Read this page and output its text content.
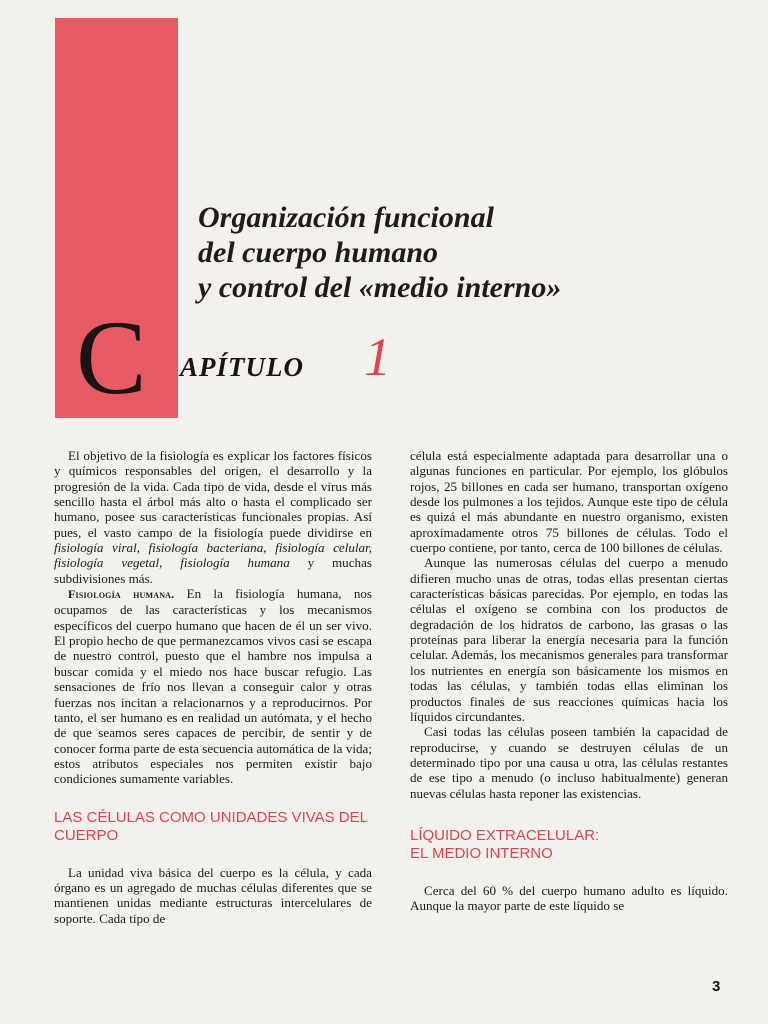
Organización funcional
del cuerpo humano
y control del «medio interno»
C APÍTULO 1

El objetivo de la fisiología es explicar los factores físicos y químicos responsables del origen, el desarrollo y la progresión de la vida. Cada tipo de vida, desde el virus más sencillo hasta el árbol más alto o hasta el complicado ser humano, posee sus características funcionales propias. Así pues, el vasto campo de la fisiología puede dividirse en fisiología viral, fisiología bacteriana, fisiología celular, fisiología vegetal, fisiología humana y muchas subdivisiones más.

Fisiología humana. En la fisiología humana, nos ocupamos de las características y los mecanismos específicos del cuerpo humano que hacen de él un ser vivo. El propio hecho de que permanezcamos vivos casi se escapa de nuestro control, puesto que el hambre nos impulsa a buscar comida y el miedo nos hace buscar refugio. Las sensaciones de frío nos llevan a conseguir calor y otras fuerzas nos incitan a relacionarnos y a reproducirnos. Por tanto, el ser humano es en realidad un autómata, y el hecho de que seamos seres capaces de percibir, de sentir y de conocer forma parte de esta secuencia automática de la vida; estos atributos especiales nos permiten existir bajo condiciones sumamente variables.

LAS CÉLULAS COMO UNIDADES VIVAS DEL CUERPO

La unidad viva básica del cuerpo es la célula, y cada órgano es un agregado de muchas células diferentes que se mantienen unidas mediante estructuras intercelulares de soporte. Cada tipo de

célula está especialmente adaptada para desarrollar una o algunas funciones en particular. Por ejemplo, los glóbulos rojos, 25 billones en cada ser humano, transportan oxígeno desde los pulmones a los tejidos. Aunque este tipo de célula es quizá el más abundante en nuestro organismo, existen aproximadamente otros 75 billones de células. Todo el cuerpo contiene, por tanto, cerca de 100 billones de células.

Aunque las numerosas células del cuerpo a menudo difieren mucho unas de otras, todas ellas presentan ciertas características básicas parecidas. Por ejemplo, en todas las células el oxígeno se combina con los productos de degradación de los hidratos de carbono, las grasas o las proteínas para liberar la energía necesaria para la función celular. Además, los mecanismos generales para transformar los nutrientes en energía son básicamente los mismos en todas las células, y también todas ellas eliminan los productos finales de sus reacciones químicas hacia los líquidos circundantes.

Casi todas las células poseen también la capacidad de reproducirse, y cuando se destruyen células de un determinado tipo por una causa u otra, las células restantes de ese tipo a menudo (o incluso habitualmente) generan nuevas células hasta reponer las existencias.

LÍQUIDO EXTRACELULAR:
EL MEDIO INTERNO

Cerca del 60 % del cuerpo humano adulto es líquido. Aunque la mayor parte de este líquido se

3
